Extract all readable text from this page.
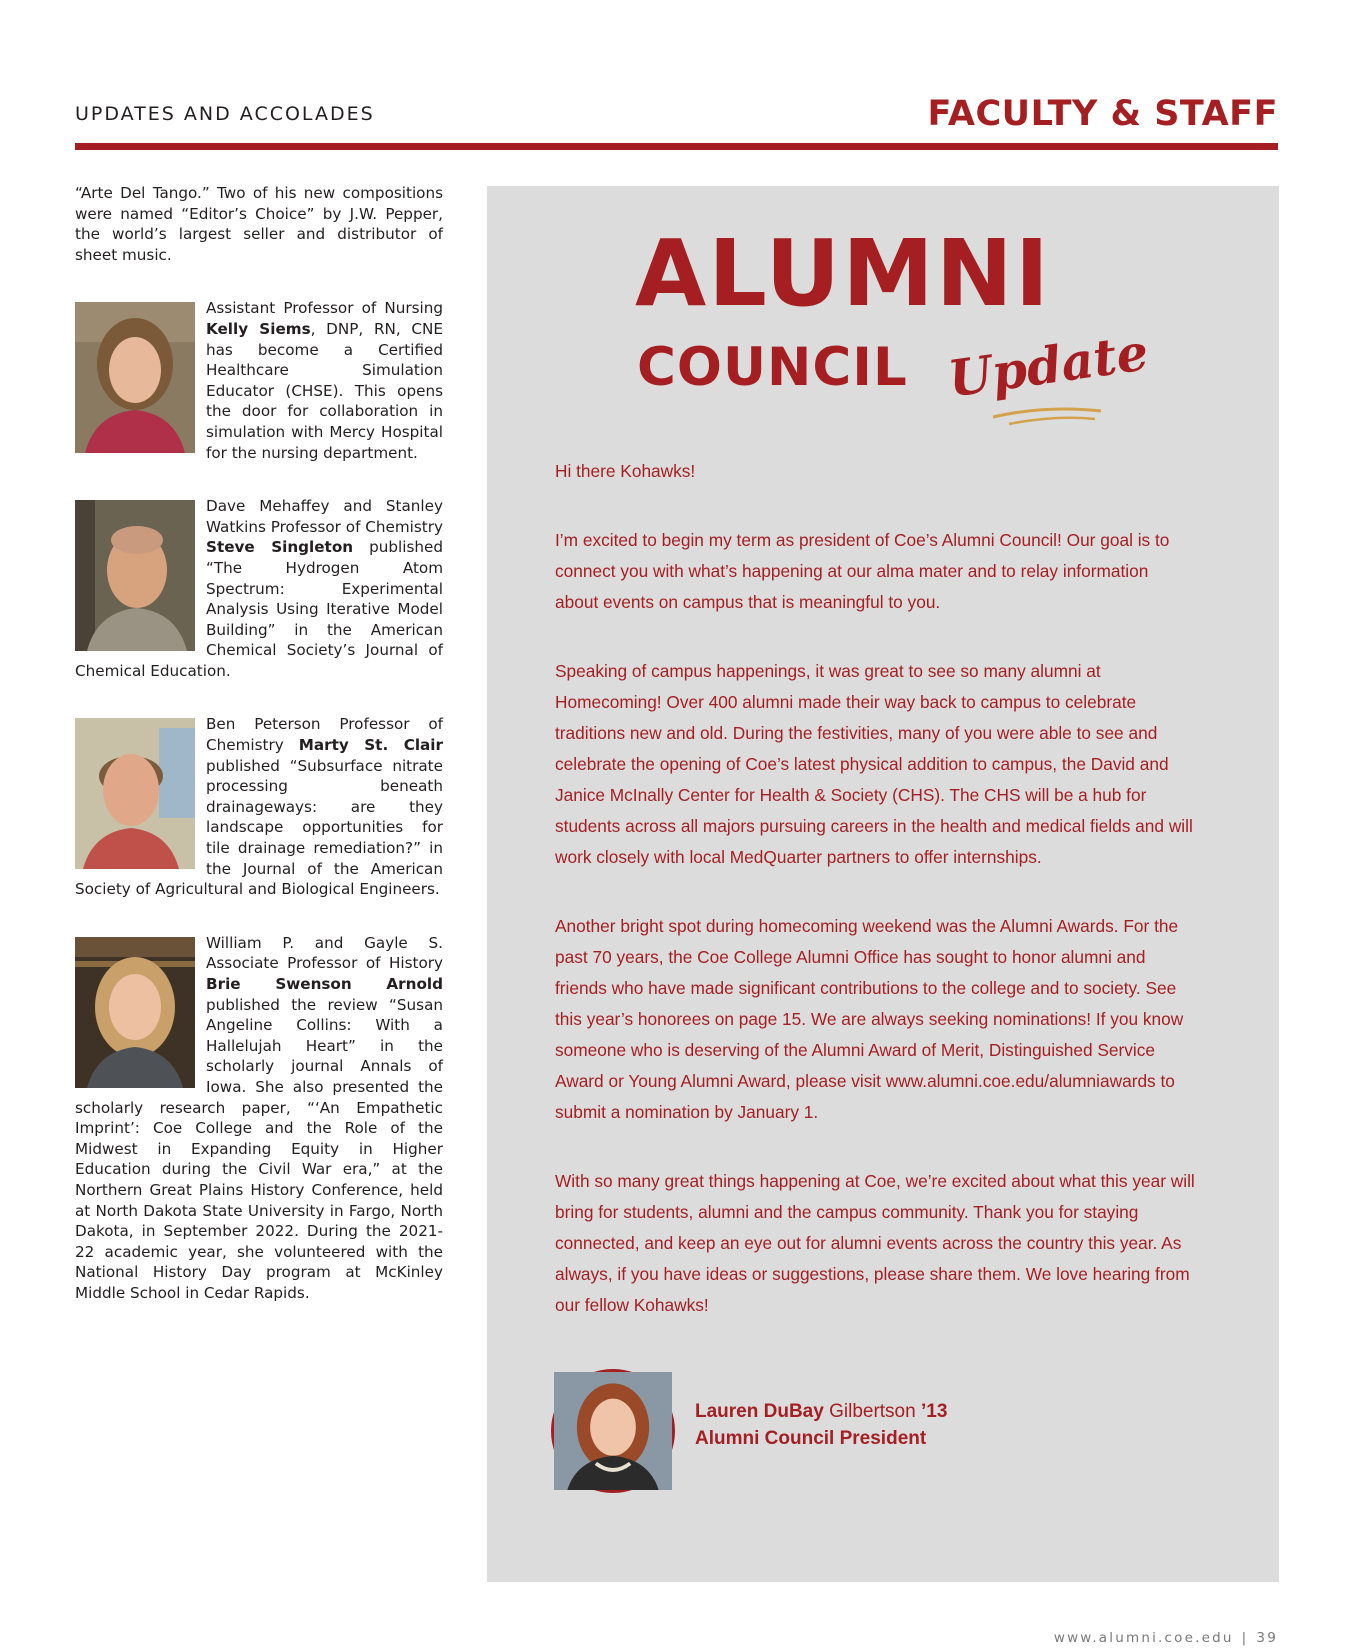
UPDATES AND ACCOLADES	FACULTY & STAFF

“Arte Del Tango.” Two of his new compositions were named “Editor’s Choice” by J.W. Pepper, the world’s largest seller and distributor of sheet music.

Assistant Professor of Nursing Kelly Siems, DNP, RN, CNE has become a Certified Healthcare Simulation Educator (CHSE). This opens the door for collaboration in simulation with Mercy Hospital for the nursing department.

Dave Mehaffey and Stanley Watkins Professor of Chemistry Steve Singleton published “The Hydrogen Atom Spectrum: Experimental Analysis Using Iterative Model Building” in the American Chemical Society’s Journal of Chemical Education.

Ben Peterson Professor of Chemistry Marty St. Clair published “Subsurface nitrate processing beneath drainageways: are they landscape opportunities for tile drainage remediation?” in the Journal of the American Society of Agricultural and Biological Engineers.

William P. and Gayle S. Associate Professor of History Brie Swenson Arnold published the review “Susan Angeline Collins: With a Hallelujah Heart” in the scholarly journal Annals of Iowa. She also presented the scholarly research paper, “‘An Empathetic Imprint’: Coe College and the Role of the Midwest in Expanding Equity in Higher Education during the Civil War era,” at the Northern Great Plains History Conference, held at North Dakota State University in Fargo, North Dakota, in September 2022. During the 2021-22 academic year, she volunteered with the National History Day program at McKinley Middle School in Cedar Rapids.

ALUMNI
COUNCIL Update

Hi there Kohawks!

I’m excited to begin my term as president of Coe’s Alumni Council! Our goal is to connect you with what’s happening at our alma mater and to relay information about events on campus that is meaningful to you.

Speaking of campus happenings, it was great to see so many alumni at Homecoming! Over 400 alumni made their way back to campus to celebrate traditions new and old. During the festivities, many of you were able to see and celebrate the opening of Coe’s latest physical addition to campus, the David and Janice McInally Center for Health & Society (CHS). The CHS will be a hub for students across all majors pursuing careers in the health and medical fields and will work closely with local MedQuarter partners to offer internships.

Another bright spot during homecoming weekend was the Alumni Awards. For the past 70 years, the Coe College Alumni Office has sought to honor alumni and friends who have made significant contributions to the college and to society. See this year’s honorees on page 15. We are always seeking nominations! If you know someone who is deserving of the Alumni Award of Merit, Distinguished Service Award or Young Alumni Award, please visit www.alumni.coe.edu/alumniawards to submit a nomination by January 1.

With so many great things happening at Coe, we’re excited about what this year will bring for students, alumni and the campus community. Thank you for staying connected, and keep an eye out for alumni events across the country this year. As always, if you have ideas or suggestions, please share them. We love hearing from our fellow Kohawks!

Lauren DuBay Gilbertson ’13
Alumni Council President
www.alumni.coe.edu | 39
